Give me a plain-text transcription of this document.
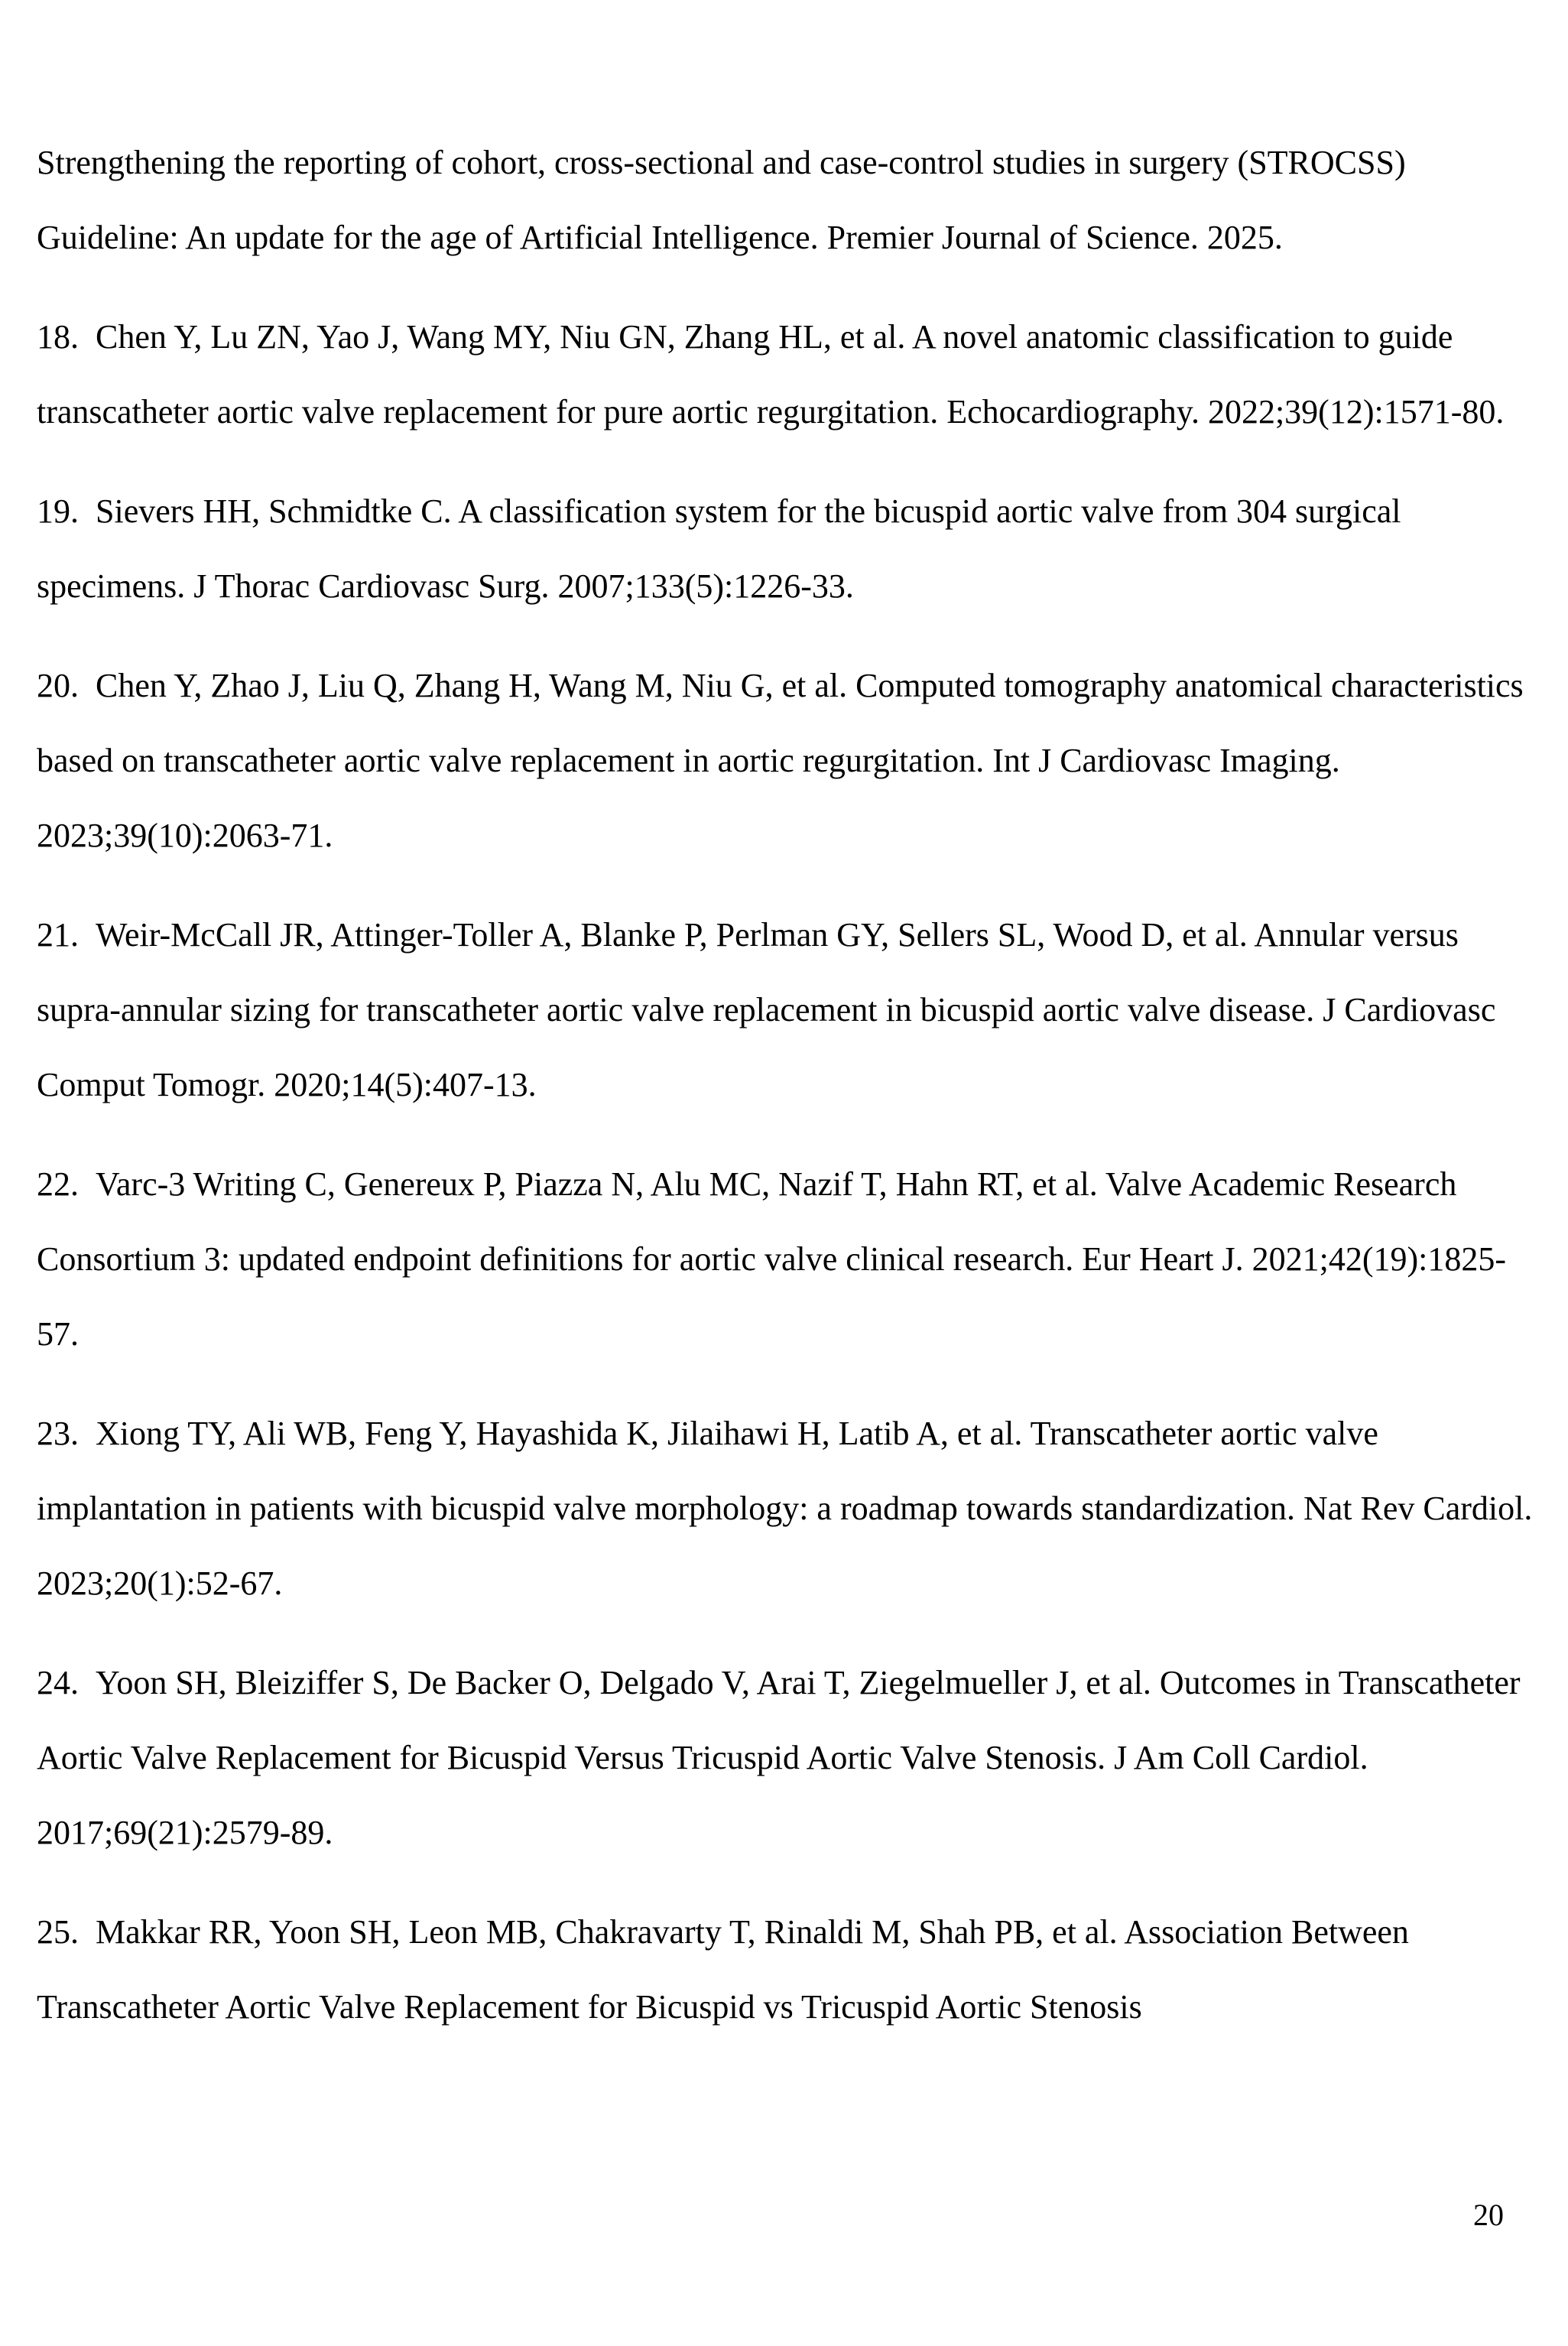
Strengthening the reporting of cohort, cross-sectional and case-control studies in surgery (STROCSS) Guideline: An update for the age of Artificial Intelligence. Premier Journal of Science. 2025.

18. Chen Y, Lu ZN, Yao J, Wang MY, Niu GN, Zhang HL, et al. A novel anatomic classification to guide transcatheter aortic valve replacement for pure aortic regurgitation. Echocardiography. 2022;39(12):1571-80.

19. Sievers HH, Schmidtke C. A classification system for the bicuspid aortic valve from 304 surgical specimens. J Thorac Cardiovasc Surg. 2007;133(5):1226-33.

20. Chen Y, Zhao J, Liu Q, Zhang H, Wang M, Niu G, et al. Computed tomography anatomical characteristics based on transcatheter aortic valve replacement in aortic regurgitation. Int J Cardiovasc Imaging. 2023;39(10):2063-71.

21. Weir-McCall JR, Attinger-Toller A, Blanke P, Perlman GY, Sellers SL, Wood D, et al. Annular versus supra-annular sizing for transcatheter aortic valve replacement in bicuspid aortic valve disease. J Cardiovasc Comput Tomogr. 2020;14(5):407-13.

22. Varc-3 Writing C, Genereux P, Piazza N, Alu MC, Nazif T, Hahn RT, et al. Valve Academic Research Consortium 3: updated endpoint definitions for aortic valve clinical research. Eur Heart J. 2021;42(19):1825-57.

23. Xiong TY, Ali WB, Feng Y, Hayashida K, Jilaihawi H, Latib A, et al. Transcatheter aortic valve implantation in patients with bicuspid valve morphology: a roadmap towards standardization. Nat Rev Cardiol. 2023;20(1):52-67.

24. Yoon SH, Bleiziffer S, De Backer O, Delgado V, Arai T, Ziegelmueller J, et al. Outcomes in Transcatheter Aortic Valve Replacement for Bicuspid Versus Tricuspid Aortic Valve Stenosis. J Am Coll Cardiol. 2017;69(21):2579-89.

25. Makkar RR, Yoon SH, Leon MB, Chakravarty T, Rinaldi M, Shah PB, et al. Association Between Transcatheter Aortic Valve Replacement for Bicuspid vs Tricuspid Aortic Stenosis

20
